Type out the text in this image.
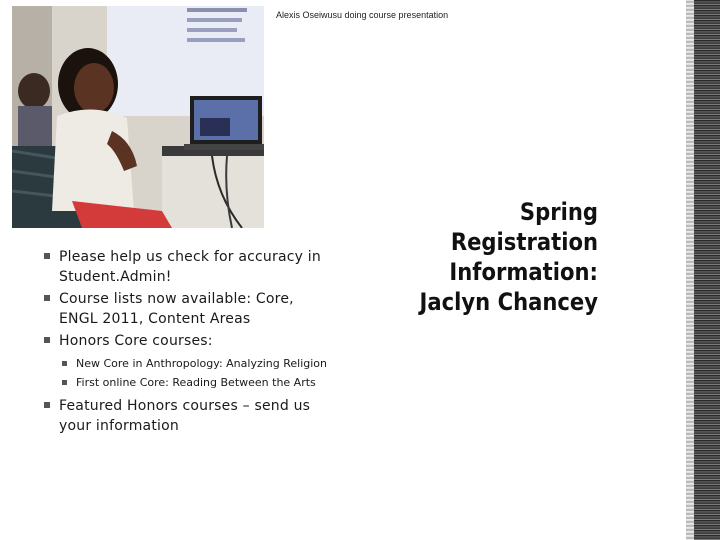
Alexis Oseiwusu doing course presentation
Spring
Registration
Information:
Jaclyn Chancey
Please help us check for accuracy in Student.Admin!
Course lists now available: Core, ENGL 2011, Content Areas
Honors Core courses:
New Core in Anthropology: Analyzing Religion
First online Core: Reading Between the Arts
Featured Honors courses – send us your information
